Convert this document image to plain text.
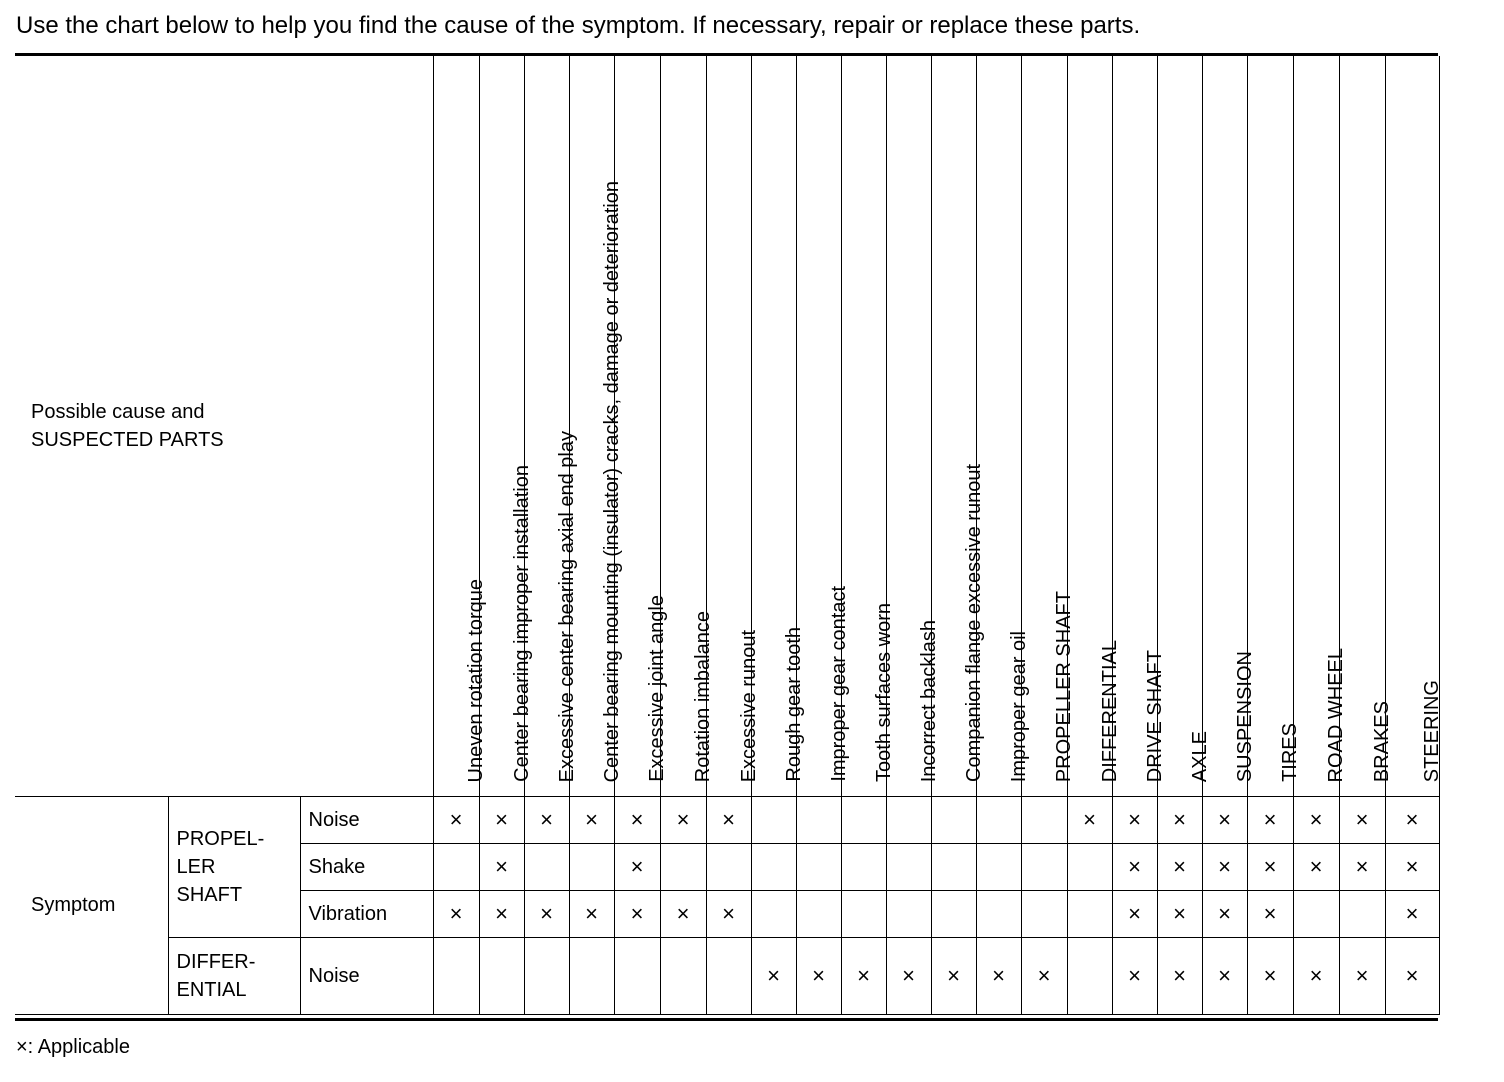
Use the chart below to help you find the cause of the symptom. If necessary, repair or replace these parts.
Possible cause and
SUSPECTED PARTS			Uneven rotation torque	Center bearing improper installation	Excessive center bearing axial end play	Center bearing mounting (insulator) cracks, damage or deterioration	Excessive joint angle	Rotation imbalance	Excessive runout	Rough gear tooth	Improper gear contact	Tooth surfaces worn	Incorrect backlash	Companion flange excessive runout	Improper gear oil	PROPELLER SHAFT	DIFFERENTIAL	DRIVE SHAFT	AXLE	SUSPENSION	TIRES	ROAD WHEEL	BRAKES	STEERING

Symptom	PROPEL-
LER
SHAFT	Noise	×	×	×	×	×	×	×								×	×	×	×	×	×	×	×
		Shake		×			×											×	×	×	×	×	×	×
		Vibration	×	×	×	×	×	×	×									×	×	×	×			×

	DIFFER-
ENTIAL	Noise								×	×	×	×	×	×	×		×	×	×	×	×	×	×
×: Applicable
